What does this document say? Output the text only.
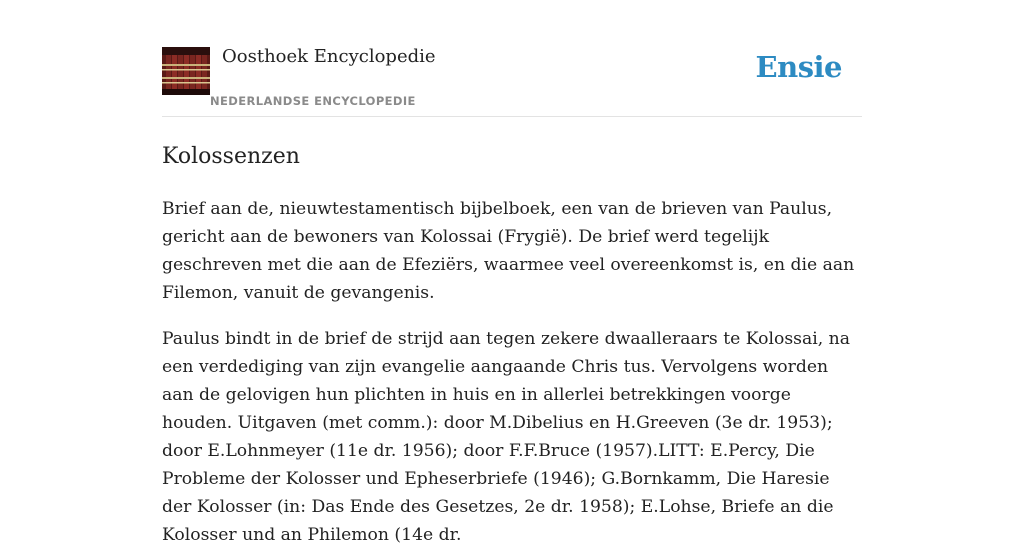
Oosthoek Encyclopedie
NEDERLANDSE ENCYCLOPEDIE
Ensie
Kolossenzen

Brief aan de, nieuwtestamentisch bijbelboek, een van de brieven van Paulus, gericht aan de bewoners van Kolossai (Frygië). De brief werd tegelijk geschreven met die aan de Efeziërs, waarmee veel overeenkomst is, en die aan Filemon, vanuit de gevangenis.

Paulus bindt in de brief de strijd aan tegen zekere dwaalleraars te Kolossai, na een verdediging van zijn evangelie aangaande Chris tus. Vervolgens worden aan de gelovigen hun plichten in huis en in allerlei betrekkingen voorge houden. Uitgaven (met comm.): door M.Dibelius en H.Greeven (3e dr. 1953); door E.Lohnmeyer (11e dr. 1956); door F.F.Bruce (1957).LITT: E.Percy, Die Probleme der Kolosser und Epheserbriefe (1946); G.Bornkamm, Die Haresie der Kolosser (in: Das Ende des Gesetzes, 2e dr. 1958); E.Lohse, Briefe an die Kolosser und an Philemon (14e dr.
